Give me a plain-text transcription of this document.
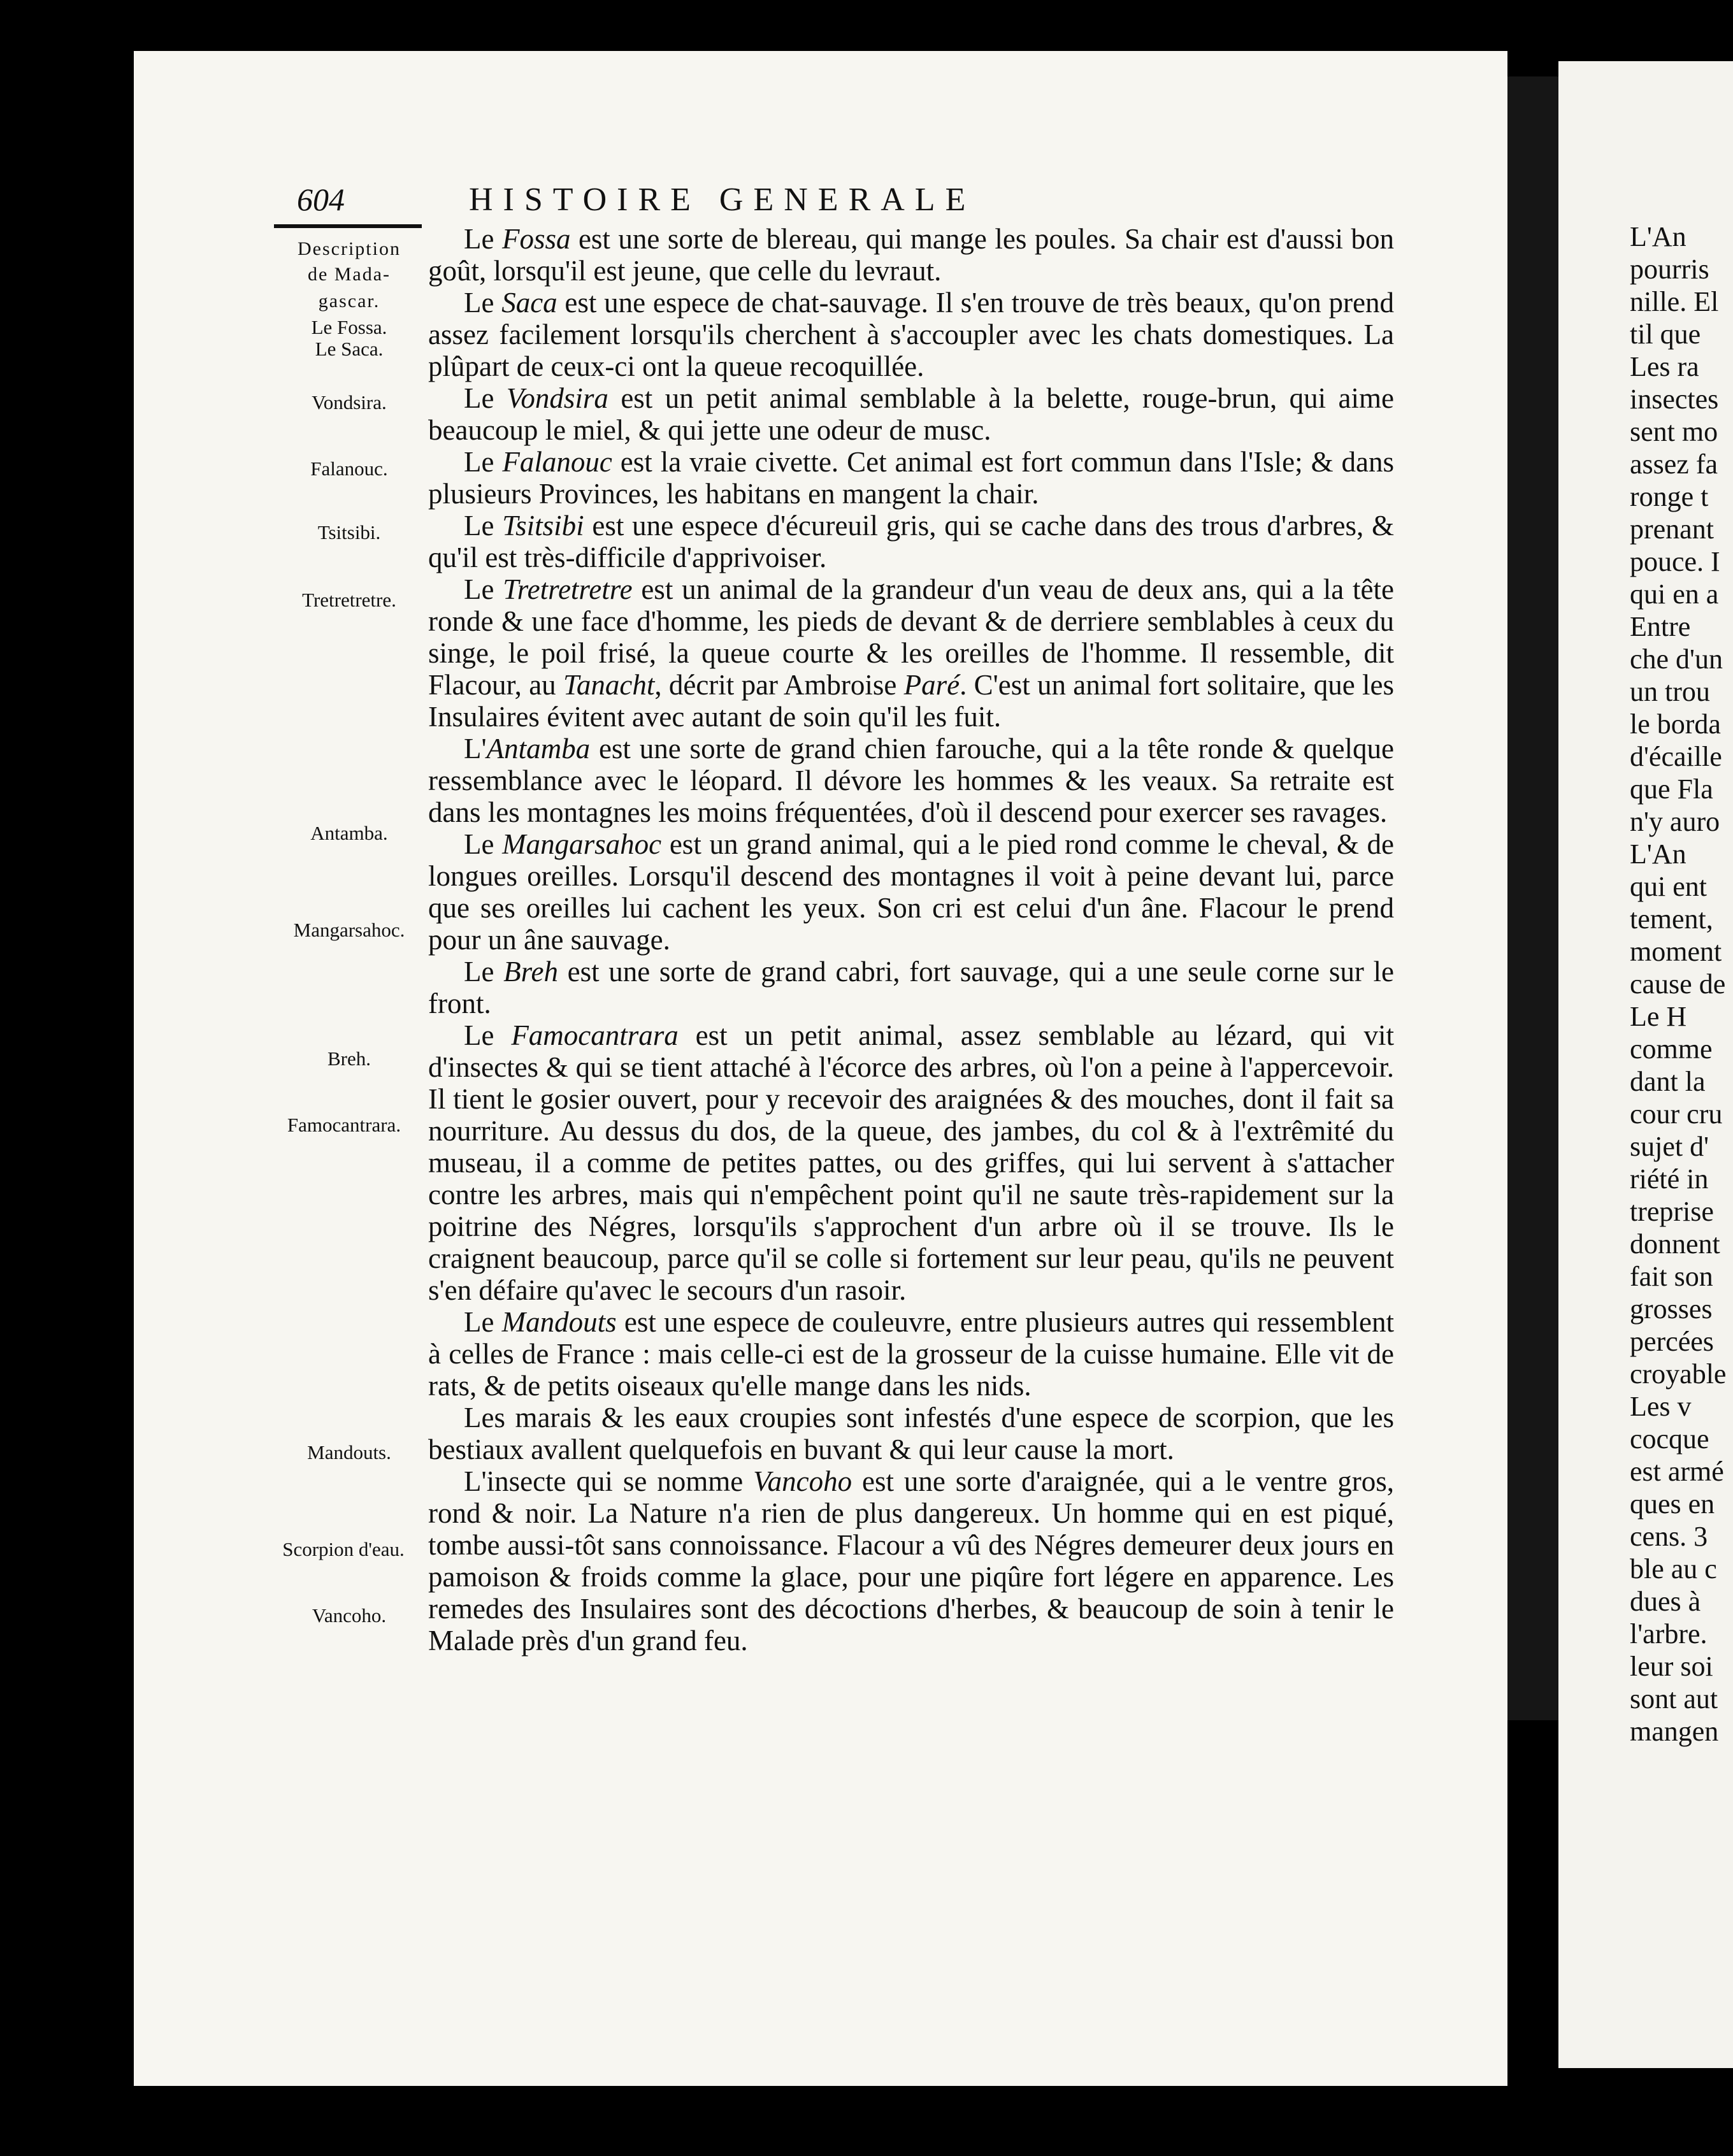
604	HISTOIRE GENERALE
Description
de Mada-
gascar.
Le Fossa.
Le Saca.
Vondsira.
Falanouc.
Tsitsibi.
Tretretretre.
Antamba.
Mangarsahoc.
Breh.
Famocantrara.
Mandouts.
Scorpion d'eau.
Vancoho.

Le Fossa est une sorte de blereau, qui mange les poules. Sa chair est d'aussi bon goût, lorsqu'il est jeune, que celle du levraut.

Le Saca est une espece de chat-sauvage. Il s'en trouve de très beaux, qu'on prend assez facilement lorsqu'ils cherchent à s'accoupler avec les chats domestiques. La plûpart de ceux-ci ont la queue recoquillée.

Le Vondsira est un petit animal semblable à la belette, rouge-brun, qui aime beaucoup le miel, & qui jette une odeur de musc.

Le Falanouc est la vraie civette. Cet animal est fort commun dans l'Isle; & dans plusieurs Provinces, les habitans en mangent la chair.

Le Tsitsibi est une espece d'écureuil gris, qui se cache dans des trous d'arbres, & qu'il est très-difficile d'apprivoiser.

Le Tretretretre est un animal de la grandeur d'un veau de deux ans, qui a la tête ronde & une face d'homme, les pieds de devant & de derriere semblables à ceux du singe, le poil frisé, la queue courte & les oreilles de l'homme. Il ressemble, dit Flacour, au Tanacht, décrit par Ambroise Paré. C'est un animal fort solitaire, que les Insulaires évitent avec autant de soin qu'il les fuit.

L'Antamba est une sorte de grand chien farouche, qui a la tête ronde & quelque ressemblance avec le léopard. Il dévore les hommes & les veaux. Sa retraite est dans les montagnes les moins fréquentées, d'où il descend pour exercer ses ravages.

Le Mangarsahoc est un grand animal, qui a le pied rond comme le cheval, & de longues oreilles. Lorsqu'il descend des montagnes il voit à peine devant lui, parce que ses oreilles lui cachent les yeux. Son cri est celui d'un âne. Flacour le prend pour un âne sauvage.

Le Breh est une sorte de grand cabri, fort sauvage, qui a une seule corne sur le front.

Le Famocantrara est un petit animal, assez semblable au lézard, qui vit d'insectes & qui se tient attaché à l'écorce des arbres, où l'on a peine à l'appercevoir. Il tient le gosier ouvert, pour y recevoir des araignées & des mouches, dont il fait sa nourriture. Au dessus du dos, de la queue, des jambes, du col & à l'extrêmité du museau, il a comme de petites pattes, ou des griffes, qui lui servent à s'attacher contre les arbres, mais qui n'empêchent point qu'il ne saute très-rapidement sur la poitrine des Négres, lorsqu'ils s'approchent d'un arbre où il se trouve. Ils le craignent beaucoup, parce qu'il se colle si fortement sur leur peau, qu'ils ne peuvent s'en défaire qu'avec le secours d'un rasoir.

Le Mandouts est une espece de couleuvre, entre plusieurs autres qui ressemblent à celles de France : mais celle-ci est de la grosseur de la cuisse humaine. Elle vit de rats, & de petits oiseaux qu'elle mange dans les nids.

Les marais & les eaux croupies sont infestés d'une espece de scorpion, que les bestiaux avallent quelquefois en buvant & qui leur cause la mort.

L'insecte qui se nomme Vancoho est une sorte d'araignée, qui a le ventre gros, rond & noir. La Nature n'a rien de plus dangereux. Un homme qui en est piqué, tombe aussi-tôt sans connoissance. Flacour a vû des Négres demeurer deux jours en pamoison & froids comme la glace, pour une piqûre fort légere en apparence. Les remedes des Insulaires sont des décoctions d'herbes, & beaucoup de soin à tenir le Malade près d'un grand feu.

L'An
pourris
nille. El
til que
Les ra
insectes
sent mo
assez fa
ronge t
prenant
pouce. I
qui en a
Entre
che d'un
un trou
le borda
d'écaille
que Fla
n'y auro
L'An
qui ent
tement,
moment
cause de
Le H
comme
dant la
cour cru
sujet d'
riété in
treprise
donnent
fait son
grosses
percées
croyable
Les v
cocque
est armé
ques en
cens. 3
ble au c
dues à
l'arbre.
leur soi
sont aut
mangen
